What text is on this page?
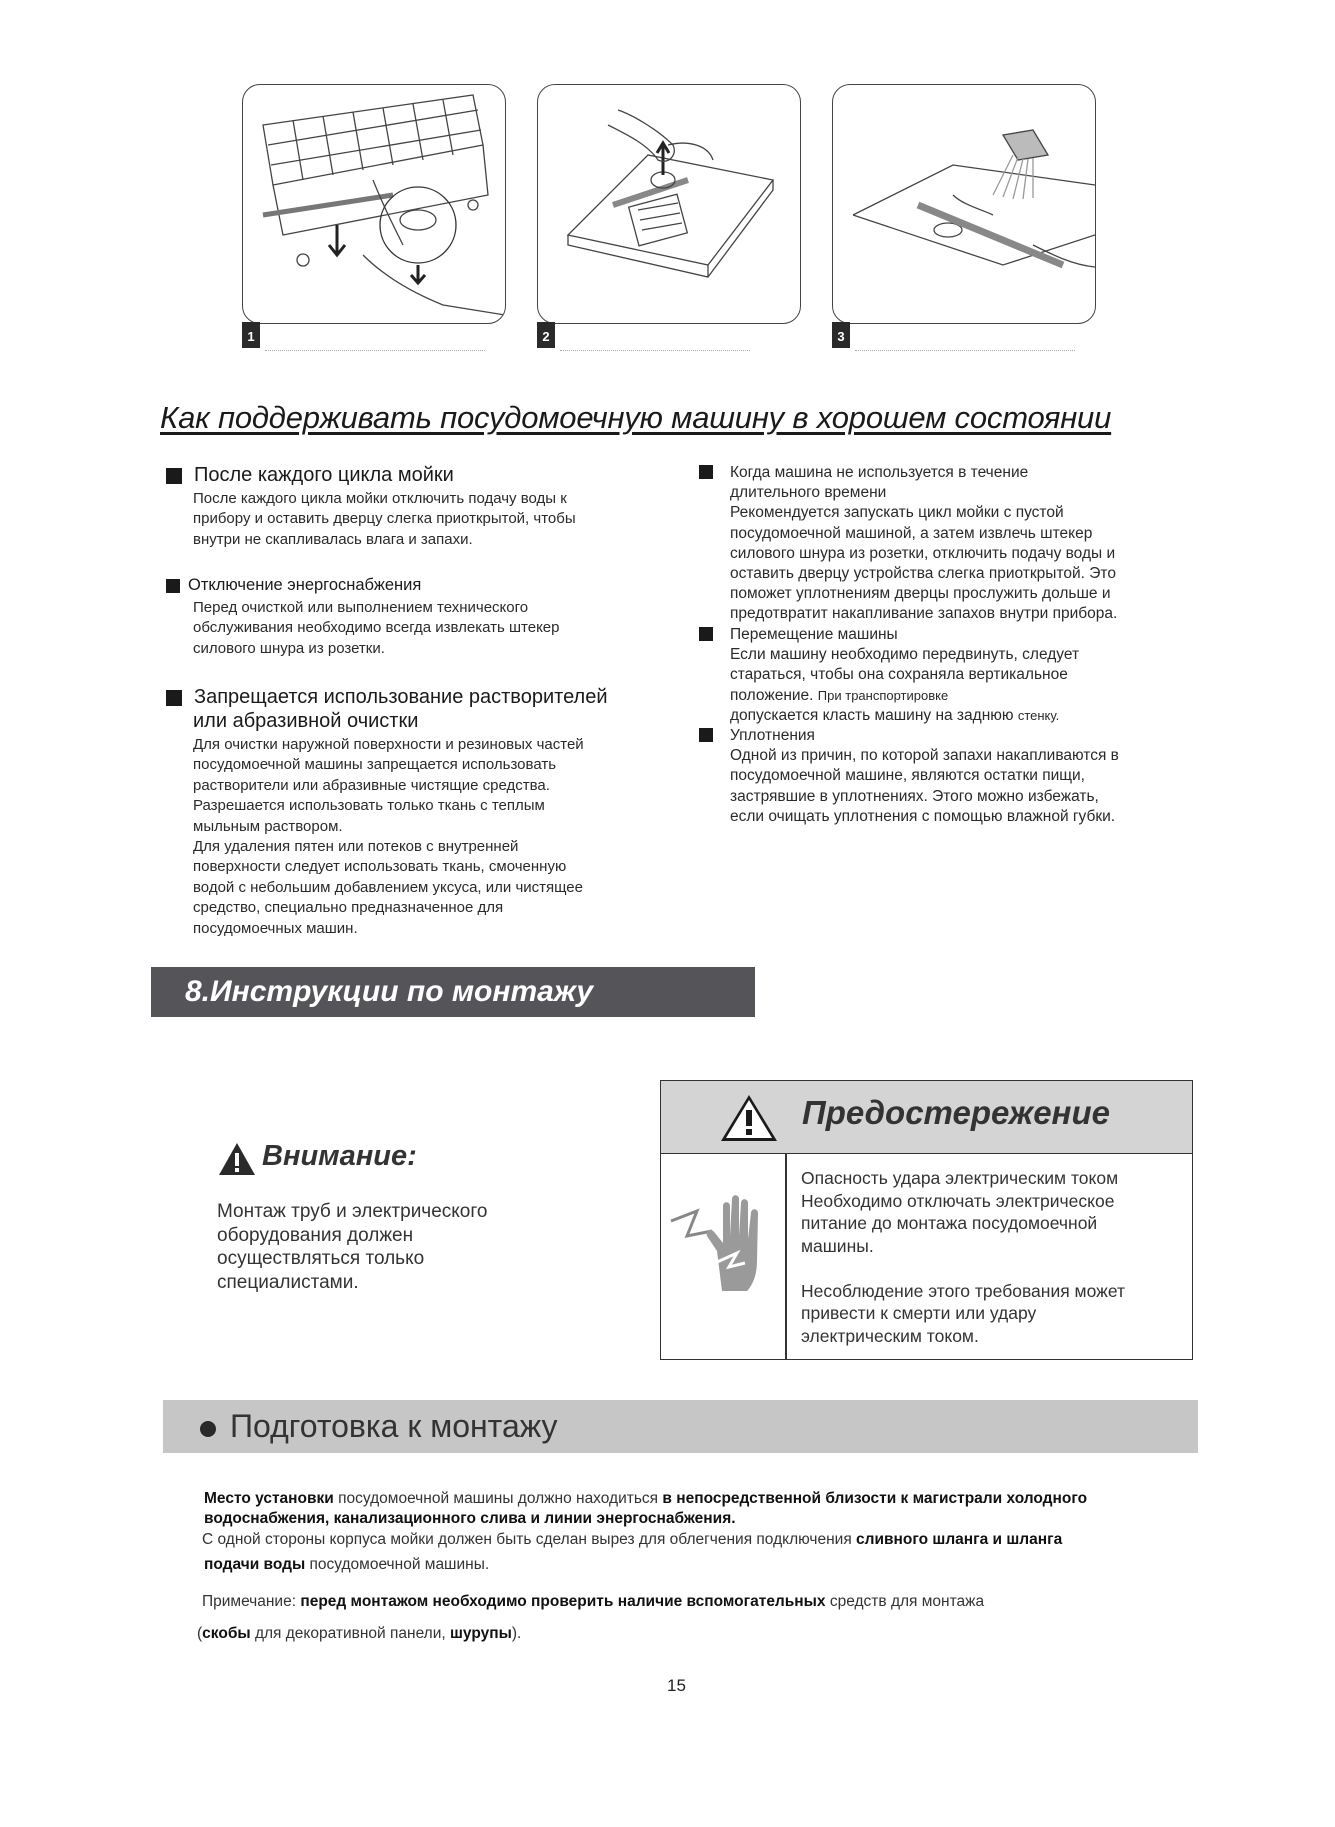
1	2	3
Как поддерживать посудомоечную машину в хорошем состоянии
После каждого цикла мойки
После каждого цикла мойки отключить подачу воды к
прибору и оставить дверцу слегка приоткрытой, чтобы
внутри не скапливалась влага и запахи.
Отключение энергоснабжения
Перед очисткой или выполнением технического
обслуживания необходимо всегда извлекать штекер
силового шнура из розетки.
Запрещается использование растворителей
или абразивной очистки
Для очистки наружной поверхности и резиновых частей
посудомоечной машины запрещается использовать
растворители или абразивные чистящие средства.
Разрешается использовать только ткань с теплым
мыльным раствором.
Для удаления пятен или потеков с внутренней
поверхности следует использовать ткань, смоченную
водой с небольшим добавлением уксуса, или чистящее
средство, специально предназначенное для
посудомоечных машин.
Когда машина не используется в течение
длительного времени
Рекомендуется запускать цикл мойки с пустой
посудомоечной машиной, а затем извлечь штекер
силового шнура из розетки, отключить подачу воды и
оставить дверцу устройства слегка приоткрытой. Это
поможет уплотнениям дверцы прослужить дольше и
предотвратит накапливание запахов внутри прибора.
Перемещение машины
Если машину необходимо передвинуть, следует
стараться, чтобы она сохраняла вертикальное
положение. При транспортировке
допускается класть машину на заднюю стенку.
Уплотнения
Одной из причин, по которой запахи накапливаются в
посудомоечной машине, являются остатки пищи,
застрявшие в уплотнениях. Этого можно избежать,
если очищать уплотнения с помощью влажной губки.
8.Инструкции по монтажу
Внимание:
Монтаж труб и электрического
оборудования должен
осуществляться только
специалистами.
Предостережение
Опасность удара электрическим током
Необходимо отключать электрическое
питание до монтажа посудомоечной
машины.

Несоблюдение этого требования может
привести к смерти или удару
электрическим током.
Подготовка к монтажу
Место установки посудомоечной машины должно находиться в непосредственной близости к магистрали холодного
водоснабжения, канализационного слива и линии энергоснабжения.
С одной стороны корпуса мойки должен быть сделан вырез для облегчения подключения сливного шланга и шланга
подачи воды посудомоечной машины.
Примечание: перед монтажом необходимо проверить наличие вспомогательных средств для монтажа
(скобы для декоративной панели, шурупы).
15
